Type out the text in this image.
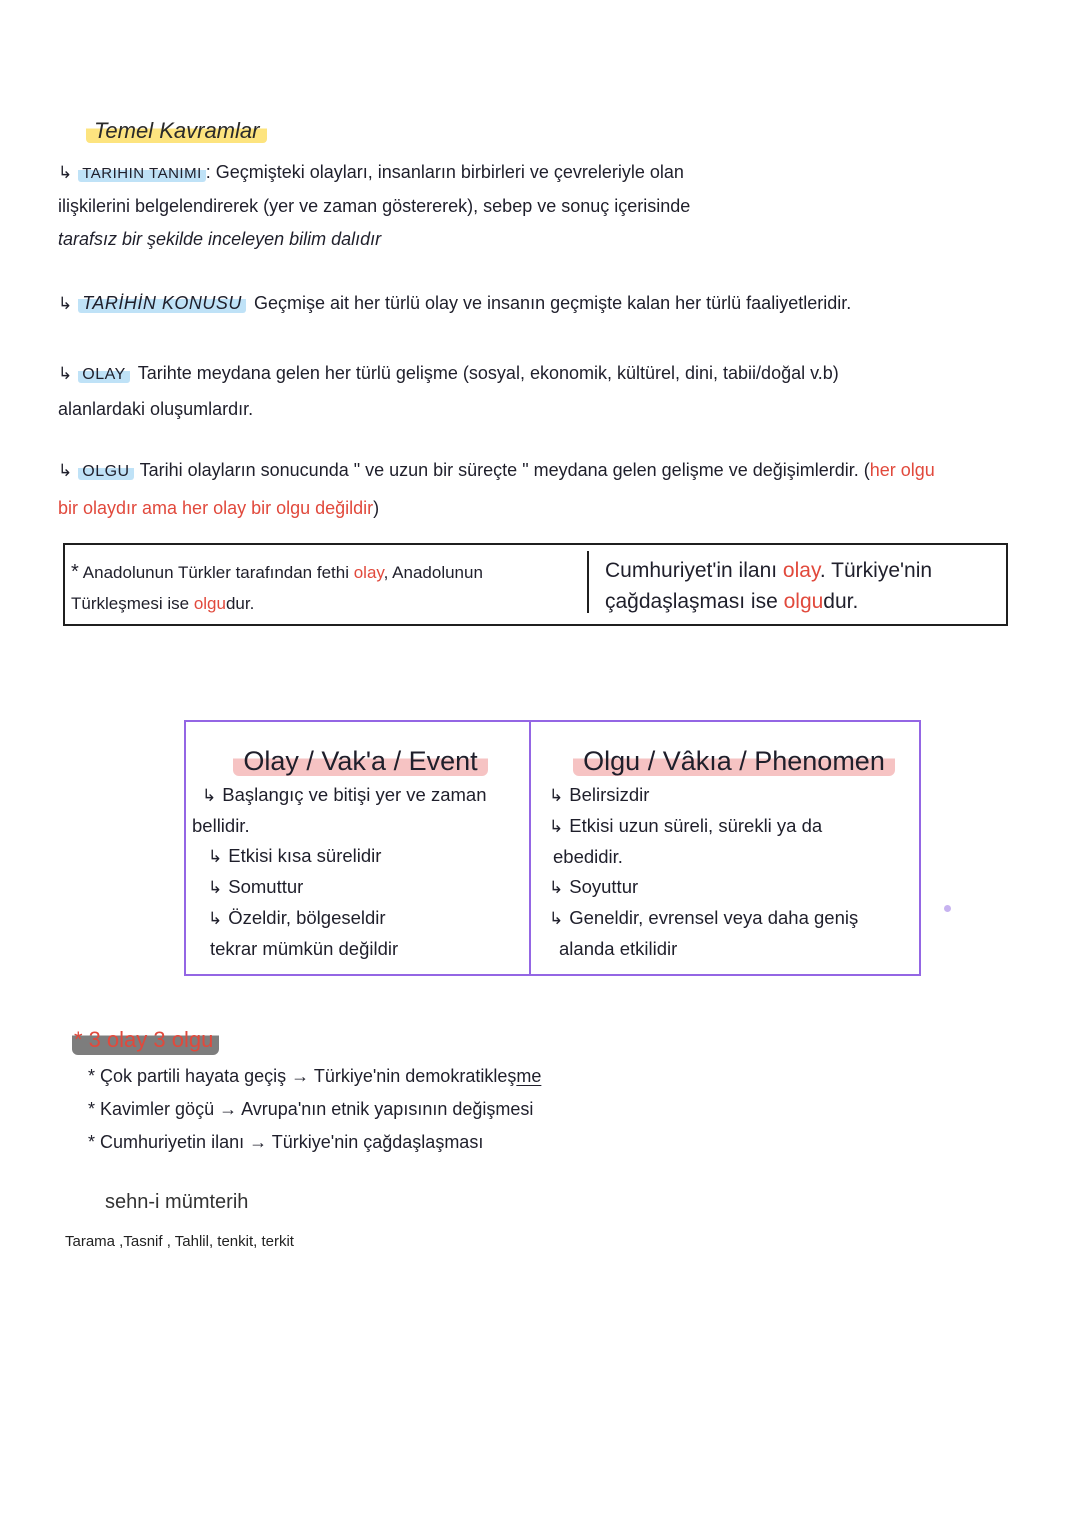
Temel Kavramlar
↳ TARIHIN TANIMI : Geçmişteki olayları, insanların birbirleri ve çevreleriyle olan
ilişkilerini belgelendirerek (yer ve zaman göstererek), sebep ve sonuç içerisinde
tarafsız bir şekilde inceleyen bilim dalıdır
↳ TARİHİN KONUSU Geçmişe ait her türlü olay ve insanın geçmişte kalan her türlü faaliyetleridir.
↳ OLAY Tarihte meydana gelen her türlü gelişme (sosyal, ekonomik, kültürel, dini, tabii/doğal v.b)
alanlardaki oluşumlardır.
↳ OLGU Tarihi olayların sonucunda " ve uzun bir süreçte " meydana gelen gelişme ve değişimlerdir. (her olgu
bir olaydır ama her olay bir olgu değildir)
* Anadolunun Türkler tarafından fethi olay, Anadolunun
Türkleşmesi ise olgudur.
Cumhuriyet'in ilanı olay. Türkiye'nin
çağdaşlaşması ise olgudur.
Olay / Vak'a / Event
↳ Başlangıç ve bitişi yer ve zaman
bellidir.
↳ Etkisi kısa sürelidir
↳ Somuttur
↳ Özeldir, bölgeseldir
tekrar mümkün değildir
Olgu / Vâkıa / Phenomen
↳ Belirsizdir
↳ Etkisi uzun süreli, sürekli ya da
ebedidir.
↳ Soyuttur
↳ Geneldir, evrensel veya daha geniş
alanda etkilidir
* 3 olay 3 olgu
* Çok partili hayata geçiş → Türkiye'nin demokratikleşme
* Kavimler göçü → Avrupa'nın etnik yapısının değişmesi
* Cumhuriyetin ilanı → Türkiye'nin çağdaşlaşması
sehn-i mümterih
Tarama ,Tasnif , Tahlil, tenkit, terkit
